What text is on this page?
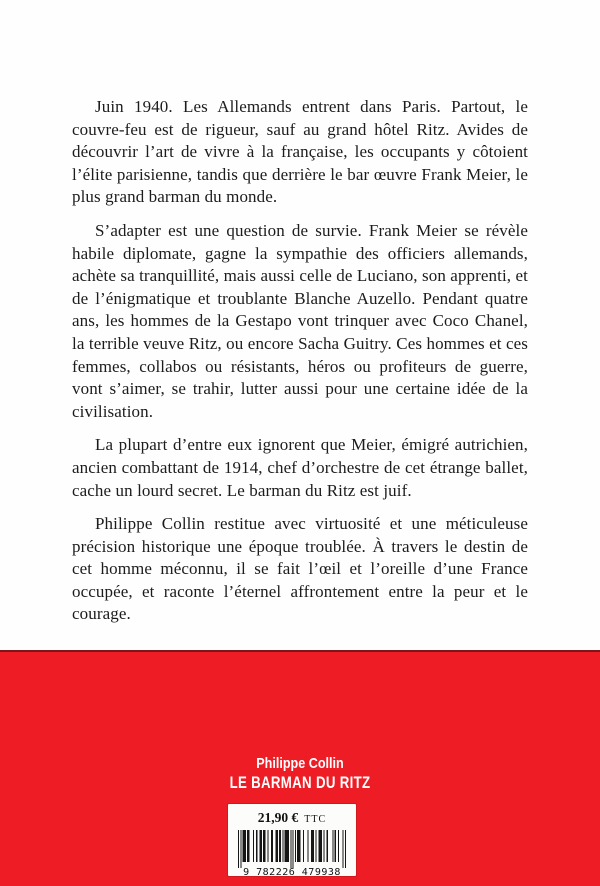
Juin 1940. Les Allemands entrent dans Paris. Partout, le couvre-feu est de rigueur, sauf au grand hôtel Ritz. Avides de découvrir l’art de vivre à la française, les occupants y côtoient l’élite parisienne, tandis que derrière le bar œuvre Frank Meier, le plus grand barman du monde.

S’adapter est une question de survie. Frank Meier se révèle habile diplomate, gagne la sympathie des officiers allemands, achète sa tranquillité, mais aussi celle de Luciano, son apprenti, et de l’énigmatique et troublante Blanche Auzello. Pendant quatre ans, les hommes de la Gestapo vont trinquer avec Coco Chanel, la terrible veuve Ritz, ou encore Sacha Guitry. Ces hommes et ces femmes, collabos ou résistants, héros ou profiteurs de guerre, vont s’aimer, se trahir, lutter aussi pour une certaine idée de la civilisation.

La plupart d’entre eux ignorent que Meier, émigré autrichien, ancien combattant de 1914, chef d’orchestre de cet étrange ballet, cache un lourd secret. Le barman du Ritz est juif.

Philippe Collin restitue avec virtuosité et une méticuleuse précision historique une époque troublée. À travers le destin de cet homme méconnu, il se fait l’œil et l’oreille d’une France occupée, et raconte l’éternel affrontement entre la peur et le courage.

Philippe Collin
LE BARMAN DU RITZ
21,90 € TTC
9 782226 479938
